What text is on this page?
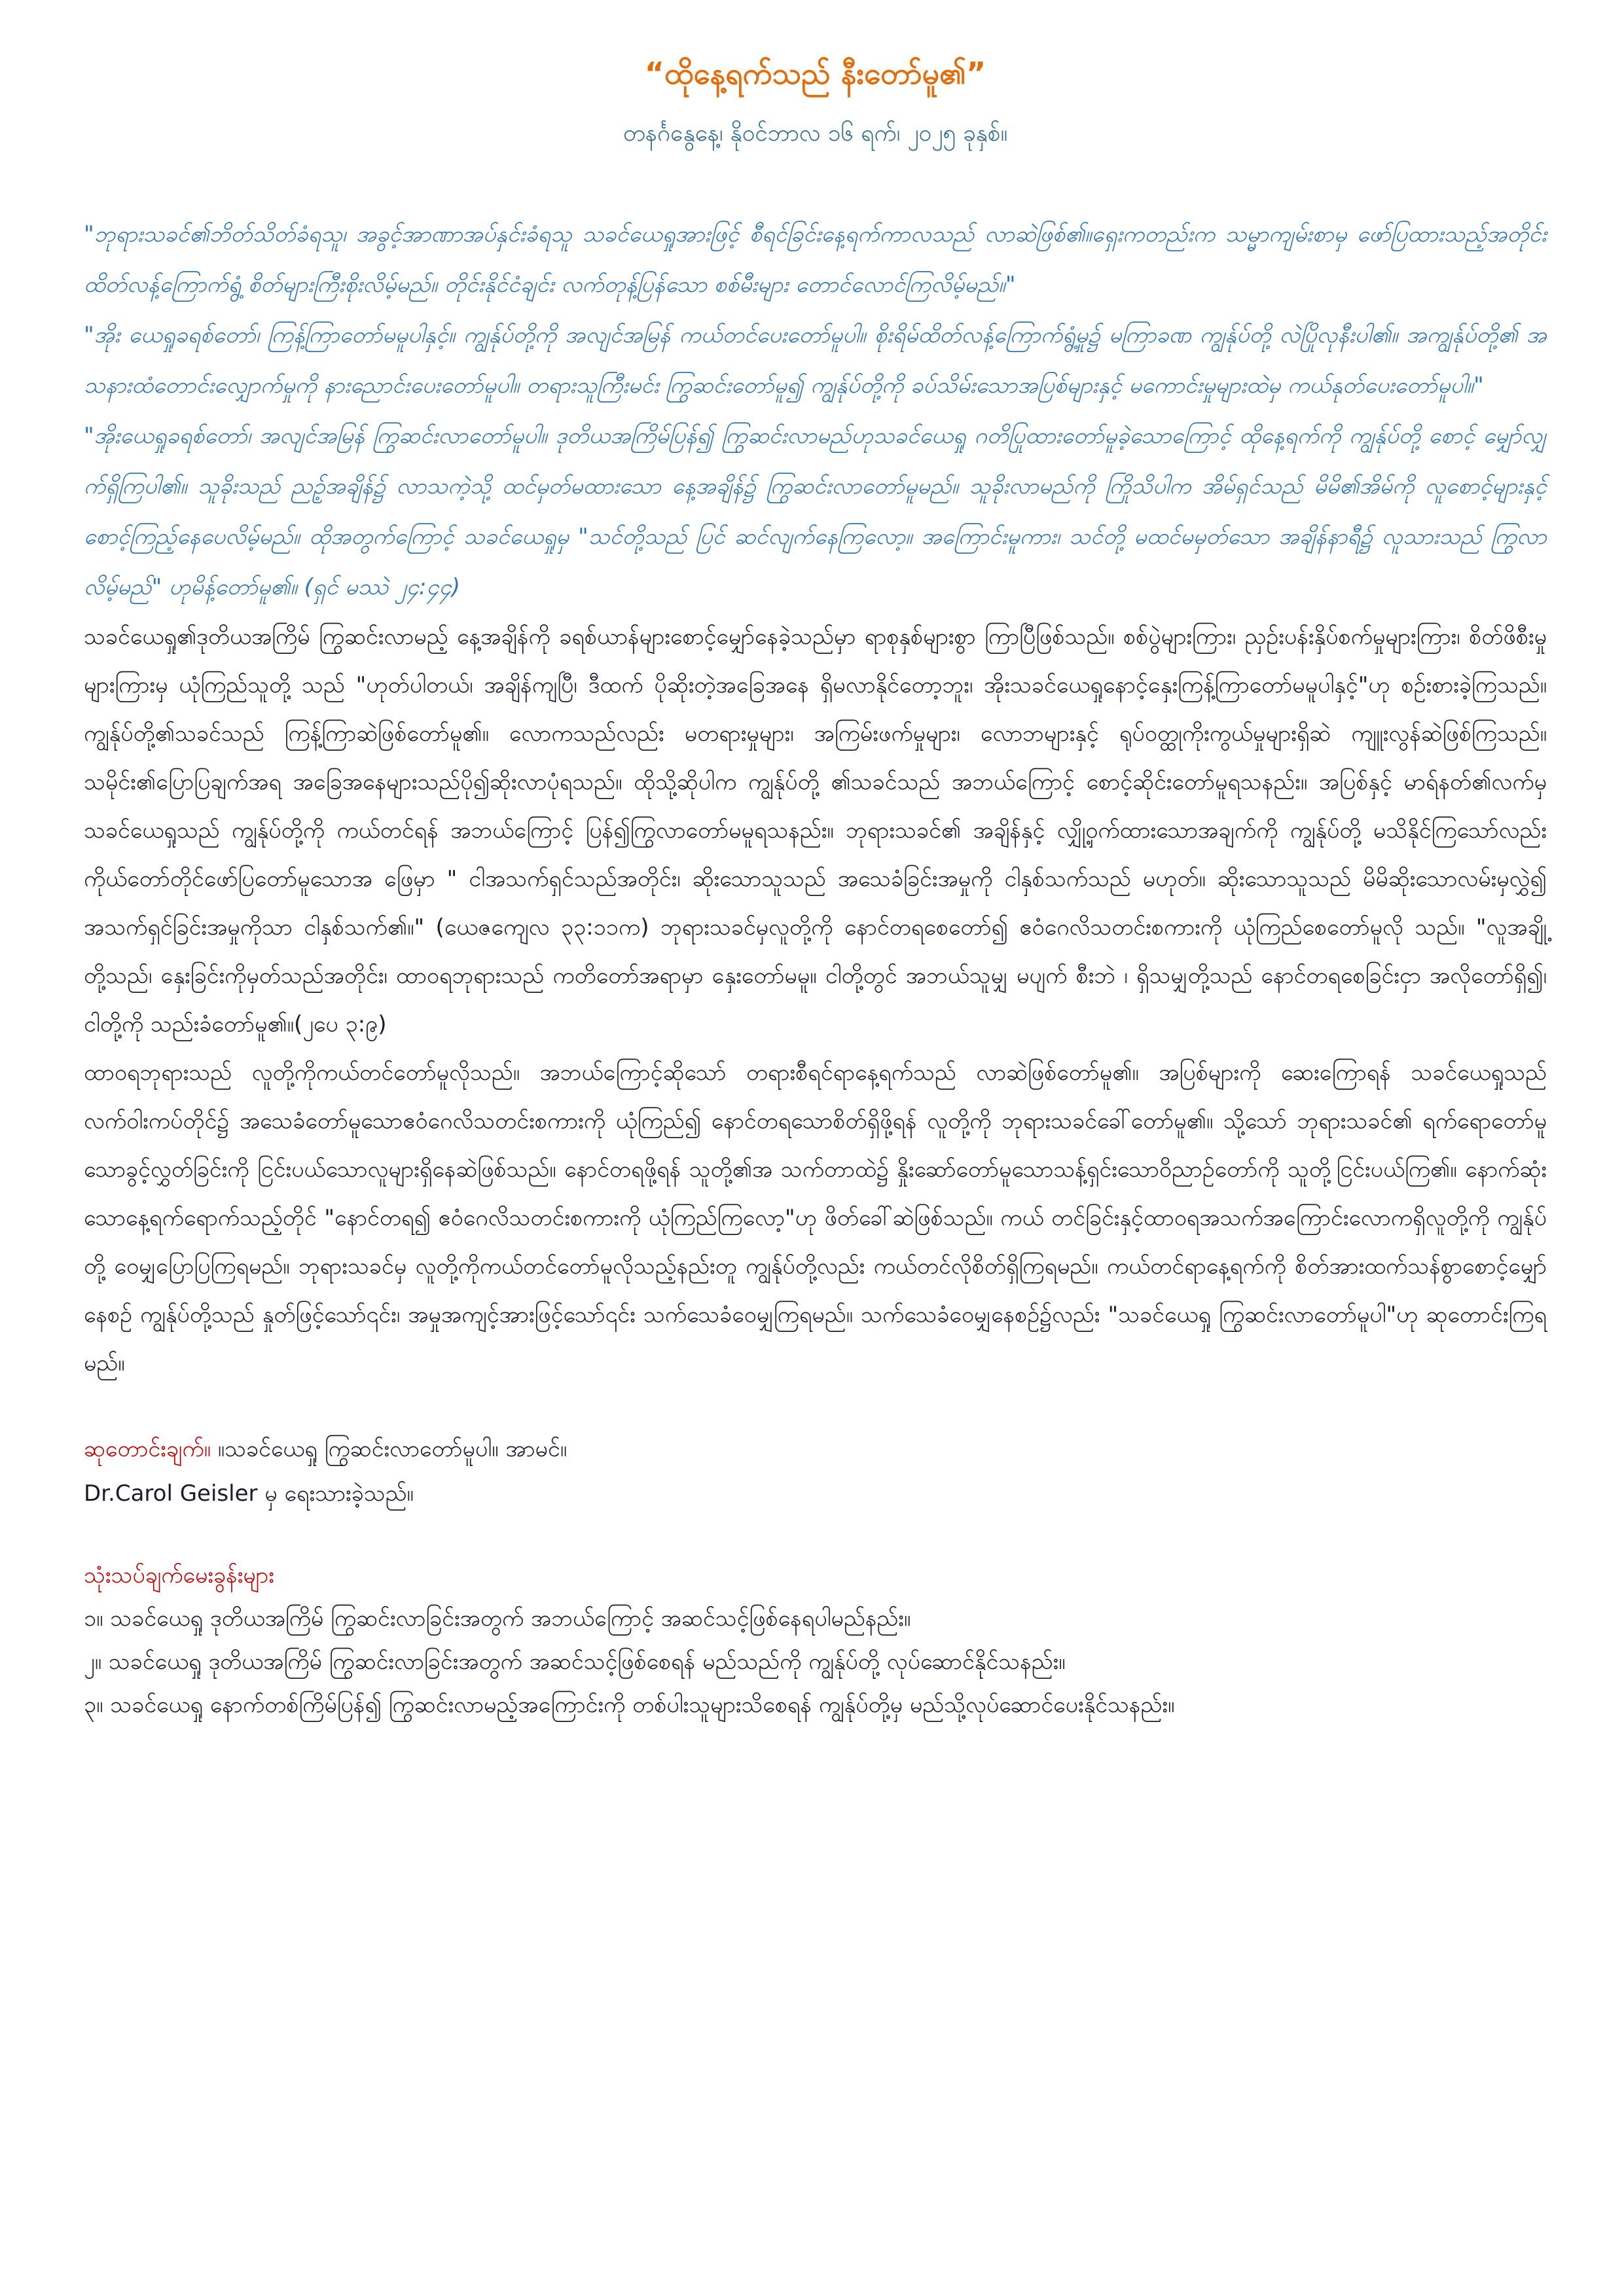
“ထိုနေ့ရက်သည် နီးတော်မူ၏”

တနင်္ဂနွေနေ့၊ နိုဝင်ဘာလ ၁၆ ရက်၊ ၂၀၂၅ ခုနှစ်။

"ဘုရားသခင်၏ဘိတ်သိတ်ခံရသူ၊ အခွင့်အာဏာအပ်နှင်းခံရသူ သခင်ယေရှုအားဖြင့် စီရင်ခြင်းနေ့ရက်ကာလသည် လာဆဲဖြစ်၏။ရှေးကတည်းက သမ္မာကျမ်းစာမှ ဖော်ပြထားသည့်အတိုင်း ထိတ်လန့်ကြောက်ရွံ့ စိတ်များကြီးစိုးလိမ့်မည်။ တိုင်းနိုင်ငံချင်း လက်တုန့်ပြန်သော စစ်မီးများ တောင်လောင်ကြလိမ့်မည်။"

"အိုး ယေရှုခရစ်တော်၊ ကြန့်ကြာတော်မမူပါနှင့်။ ကျွန်ုပ်တို့ကို အလျင်အမြန် ကယ်တင်ပေးတော်မူပါ။ စိုးရိမ်ထိတ်လန့်ကြောက်ရွံ့မှု၌ မကြာခဏ ကျွန်ုပ်တို့ လဲပြိုလုနီးပါ၏။ အကျွန်ုပ်တို့၏ အသနားထံတောင်းလျှောက်မှုကို နားညောင်းပေးတော်မူပါ။ တရားသူကြီးမင်း ကြွဆင်းတော်မူ၍ ကျွန်ုပ်တို့ကို ခပ်သိမ်းသောအပြစ်များနှင့် မကောင်းမှုများထဲမှ ကယ်နုတ်ပေးတော်မူပါ။"

"အိုးယေရှုခရစ်တော်၊ အလျင်အမြန် ကြွဆင်းလာတော်မူပါ။ ဒုတိယအကြိမ်ပြန်၍ ကြွဆင်းလာမည်ဟုသခင်ယေရှု ဂတိပြုထားတော်မူခဲ့သောကြောင့် ထိုနေ့ရက်ကို ကျွန်ုပ်တို့ စောင့် မျှော်လျှက်ရှိကြပါ၏။ သူခိုးသည် ညဥ့်အချိန်၌ လာသကဲ့သို့ ထင်မှတ်မထားသော နေ့အချိန်၌ ကြွဆင်းလာတော်မူမည်။ သူခိုးလာမည်ကို ကြိုသိပါက အိမ်ရှင်သည် မိမိ၏အိမ်ကို လူစောင့်များနှင့် စောင့်ကြည့်နေပေလိမ့်မည်။ ထိုအတွက်ကြောင့် သခင်ယေရှုမှ "သင်တို့သည် ပြင် ဆင်လျက်နေကြလော့။ အကြောင်းမူကား၊ သင်တို့ မထင်မမှတ်သော အချိန်နာရီ၌ လူသားသည် ကြွလာလိမ့်မည်" ဟုမိန့်တော်မူ၏။ (ရှင် မဿဲ ၂၄:၄၄)

သခင်ယေရှု၏ဒုတိယအကြိမ် ကြွဆင်းလာမည့် နေ့အချိန်ကို ခရစ်ယာန်များစောင့်မျှော်နေခဲ့သည်မှာ ရာစုနှစ်များစွာ ကြာပြီဖြစ်သည်။ စစ်ပွဲများကြား၊ ညှဉ်းပန်းနှိပ်စက်မှုများကြား၊ စိတ်ဖိစီးမှုများကြားမှ ယုံကြည်သူတို့ သည် "ဟုတ်ပါတယ်၊ အချိန်ကျပြီ၊ ဒီထက် ပိုဆိုးတဲ့အခြေအနေ ရှိမလာနိုင်တော့ဘူး၊ အိုးသခင်ယေရှုနောင့်နှေးကြန့်ကြာတော်မမူပါနှင့်"ဟု စဉ်းစားခဲ့ကြသည်။ကျွန်ုပ်တို့၏သခင်သည် ကြန့်ကြာဆဲဖြစ်တော်မူ၏။ လောကသည်လည်း မတရားမှုများ၊ အကြမ်းဖက်မှုများ၊ လောဘများနှင့် ရုပ်ဝတ္ထုကိုးကွယ်မှုများရှိဆဲ ကျူးလွန်ဆဲဖြစ်ကြသည်။ သမိုင်း၏ပြောပြချက်အရ အခြေအနေများသည်ပို၍ဆိုးလာပုံရသည်။ ထိုသို့ဆိုပါက ကျွန်ုပ်တို့ ၏သခင်သည် အဘယ်ကြောင့် စောင့်ဆိုင်းတော်မူရသနည်း။ အပြစ်နှင့် မာရ်နတ်၏လက်မှ သခင်ယေရှုသည် ကျွန်ုပ်တို့ကို ကယ်တင်ရန် အဘယ်ကြောင့် ပြန်၍ကြွလာတော်မမူရသနည်း။ ဘုရားသခင်၏ အချိန်နှင့် လျှို့ဝှက်ထားသောအချက်ကို ကျွန်ုပ်တို့ မသိနိုင်ကြသော်လည်း ကိုယ်တော်တိုင်ဖော်ပြတော်မူသောအ ဖြေမှာ " ငါအသက်ရှင်သည်အတိုင်း၊ ဆိုးသောသူသည် အသေခံခြင်းအမှုကို ငါနှစ်သက်သည် မဟုတ်။ ဆိုးသောသူသည် မိမိဆိုးသောလမ်းမှလွှဲ၍ အသက်ရှင်ခြင်းအမှုကိုသာ ငါနှစ်သက်၏။" (ယေဇကျေလ ၃၃:၁၁က) ဘုရားသခင်မှလူတို့ကို နောင်တရစေတော်၍ ဧဝံဂေလိသတင်းစကားကို ယုံကြည်စေတော်မူလို သည်။ "လူအချို့တို့သည်၊ နှေးခြင်းကိုမှတ်သည်အတိုင်း၊ ထာဝရဘုရားသည် ကတိတော်အရာမှာ နှေးတော်မမူ။ ငါတို့တွင် အဘယ်သူမျှ မပျက် စီးဘဲ ၊ ရှိသမျှတို့သည် နောင်တရစေခြင်းငှာ အလိုတော်ရှိ၍၊ ငါတို့ကို သည်းခံတော်မူ၏။(၂ပေ ၃:၉)

ထာဝရဘုရားသည် လူတို့ကိုကယ်တင်တော်မူလိုသည်။ အဘယ်ကြောင့်ဆိုသော် တရားစီရင်ရာနေ့ရက်သည် လာဆဲဖြစ်တော်မူ၏။ အပြစ်များကို ဆေးကြောရန် သခင်ယေရှုသည် လက်ဝါးကပ်တိုင်၌ အသေခံတော်မူသောဧဝံဂေလိသတင်းစကားကို ယုံကြည်၍ နောင်တရသောစိတ်ရှိဖို့ရန် လူတို့ကို ဘုရားသခင်ခေါ်တော်မူ၏။ သို့သော် ဘုရားသခင်၏ ရက်ရောတော်မူသောခွင့်လွှတ်ခြင်းကို ငြင်းပယ်သောလူများရှိနေဆဲဖြစ်သည်။ နောင်တရဖို့ရန် သူတို့၏အ သက်တာထဲ၌ နှိုးဆော်တော်မူသောသန့်ရှင်းသောဝိညာဉ်တော်ကို သူတို့ငြင်းပယ်ကြ၏။ နောက်ဆုံးသောနေ့ရက်ရောက်သည့်တိုင် "နောင်တရ၍ ဧဝံဂေလိသတင်းစကားကို ယုံကြည်ကြလော့"ဟု ဖိတ်ခေါ်ဆဲဖြစ်သည်။ ကယ် တင်ခြင်းနှင့်ထာဝရအသက်အကြောင်းလောကရှိလူတို့ကို ကျွန်ုပ်တို့ ဝေမျှပြောပြကြရမည်။ ဘုရားသခင်မှ လူတို့ကိုကယ်တင်တော်မူလိုသည့်နည်းတူ ကျွန်ုပ်တို့လည်း ကယ်တင်လိုစိတ်ရှိကြရမည်။ ကယ်တင်ရာနေ့ရက်ကို စိတ်အားထက်သန်စွာစောင့်မျှော်နေစဉ် ကျွန်ုပ်တို့သည် နှုတ်ဖြင့်သော်၎င်း၊ အမှုအကျင့်အားဖြင့်သော်၎င်း သက်သေခံဝေမျှကြရမည်။ သက်သေခံဝေမျှနေစဉ်၌လည်း "သခင်ယေရှု ကြွဆင်းလာတော်မူပါ"ဟု ဆုတောင်းကြရမည်။

ဆုတောင်းချက်။ ။သခင်ယေရှု ကြွဆင်းလာတော်မူပါ။ အာမင်။

Dr.Carol Geisler မှ ရေးသားခဲ့သည်။

သုံးသပ်ချက်မေးခွန်းများ

၁။ သခင်ယေရှု ဒုတိယအကြိမ် ကြွဆင်းလာခြင်းအတွက် အဘယ်ကြောင့် အဆင်သင့်ဖြစ်နေရပါမည်နည်း။

၂။ သခင်ယေရှု ဒုတိယအကြိမ် ကြွဆင်းလာခြင်းအတွက် အဆင်သင့်ဖြစ်စေရန် မည်သည်ကို ကျွန်ုပ်တို့ လုပ်ဆောင်နိုင်သနည်း။

၃။ သခင်ယေရှု နောက်တစ်ကြိမ်ပြန်၍ ကြွဆင်းလာမည့်အကြောင်းကို တစ်ပါးသူများသိစေရန် ကျွန်ုပ်တို့မှ မည်သို့လုပ်ဆောင်ပေးနိုင်သနည်း။
